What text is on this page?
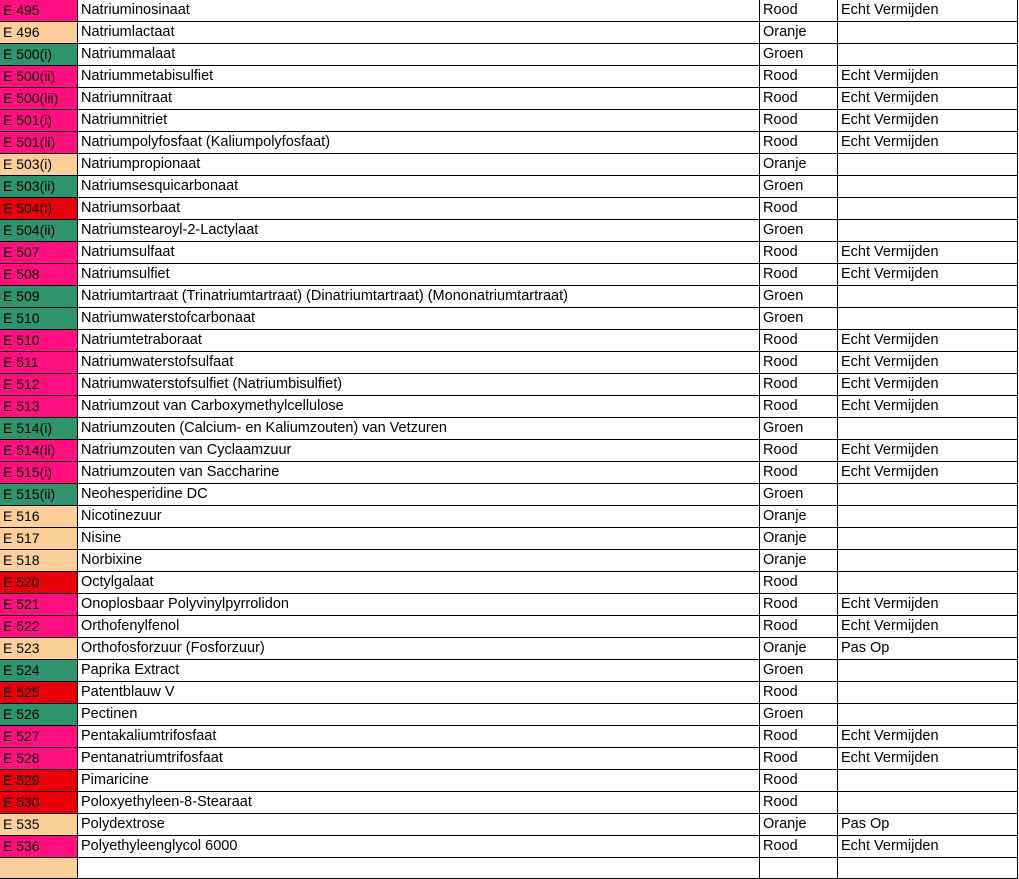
E 495	Natriuminosinaat	Rood	Echt Vermijden
E 496	Natriumlactaat	Oranje	
E 500(i)	Natriummalaat	Groen	
E 500(ii)	Natriummetabisulfiet	Rood	Echt Vermijden
E 500(iii)	Natriumnitraat	Rood	Echt Vermijden
E 501(i)	Natriumnitriet	Rood	Echt Vermijden
E 501(ii)	Natriumpolyfosfaat (Kaliumpolyfosfaat)	Rood	Echt Vermijden
E 503(i)	Natriumpropionaat	Oranje	
E 503(ii)	Natriumsesquicarbonaat	Groen	
E 504(i)	Natriumsorbaat	Rood	
E 504(ii)	Natriumstearoyl-2-Lactylaat	Groen	
E 507	Natriumsulfaat	Rood	Echt Vermijden
E 508	Natriumsulfiet	Rood	Echt Vermijden
E 509	Natriumtartraat (Trinatriumtartraat) (Dinatriumtartraat) (Mononatriumtartraat)	Groen	
E 510	Natriumwaterstofcarbonaat	Groen	
E 510	Natriumtetraboraat	Rood	Echt Vermijden
E 511	Natriumwaterstofsulfaat	Rood	Echt Vermijden
E 512	Natriumwaterstofsulfiet (Natriumbisulfiet)	Rood	Echt Vermijden
E 513	Natriumzout van Carboxymethylcellulose	Rood	Echt Vermijden
E 514(i)	Natriumzouten (Calcium- en Kaliumzouten) van Vetzuren	Groen	
E 514(ii)	Natriumzouten van Cyclaamzuur	Rood	Echt Vermijden
E 515(i)	Natriumzouten van Saccharine	Rood	Echt Vermijden
E 515(ii)	Neohesperidine DC	Groen	
E 516	Nicotinezuur	Oranje	
E 517	Nisine	Oranje	
E 518	Norbixine	Oranje	
E 520	Octylgalaat	Rood	
E 521	Onoplosbaar Polyvinylpyrrolidon	Rood	Echt Vermijden
E 522	Orthofenylfenol	Rood	Echt Vermijden
E 523	Orthofosforzuur (Fosforzuur)	Oranje	Pas Op
E 524	Paprika Extract	Groen	
E 525	Patentblauw V	Rood	
E 526	Pectinen	Groen	
E 527	Pentakaliumtrifosfaat	Rood	Echt Vermijden
E 528	Pentanatriumtrifosfaat	Rood	Echt Vermijden
E 529	Pimaricine	Rood	
E 530	Poloxyethyleen-8-Stearaat	Rood	
E 535	Polydextrose	Oranje	Pas Op
E 536	Polyethyleenglycol 6000	Rood	Echt Vermijden
